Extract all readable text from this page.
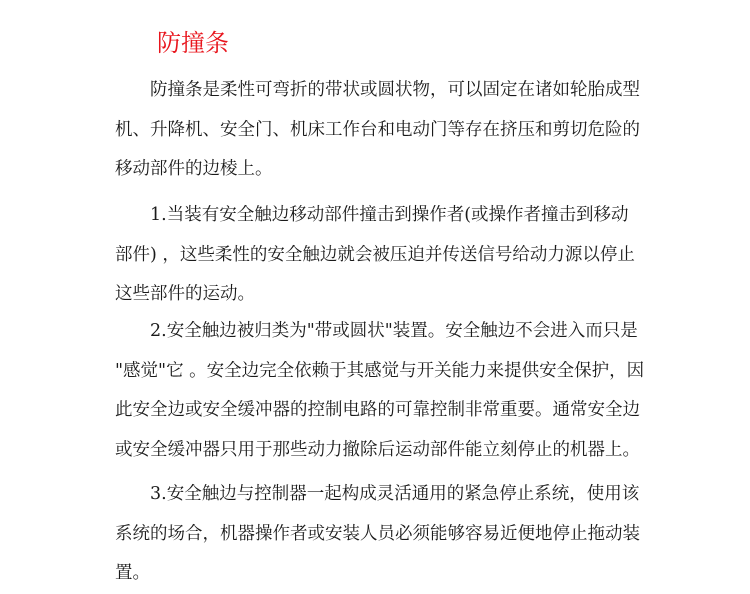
防撞条

防撞条是柔性可弯折的带状或圆状物，可以固定在诸如轮胎成型
机、升降机、安全门、机床工作台和电动门等存在挤压和剪切危险的
移动部件的边棱上。

1.当装有安全触边移动部件撞击到操作者(或操作者撞击到移动
部件) ，这些柔性的安全触边就会被压迫并传送信号给动力源以停止
这些部件的运动。

2.安全触边被归类为"带或圆状"装置。安全触边不会进入而只是
"感觉"它 。安全边完全依赖于其感觉与开关能力来提供安全保护，因
此安全边或安全缓冲器的控制电路的可靠控制非常重要。通常安全边
或安全缓冲器只用于那些动力撤除后运动部件能立刻停止的机器上。

3.安全触边与控制器一起构成灵活通用的紧急停止系统，使用该
系统的场合，机器操作者或安装人员必须能够容易近便地停止拖动装
置。
